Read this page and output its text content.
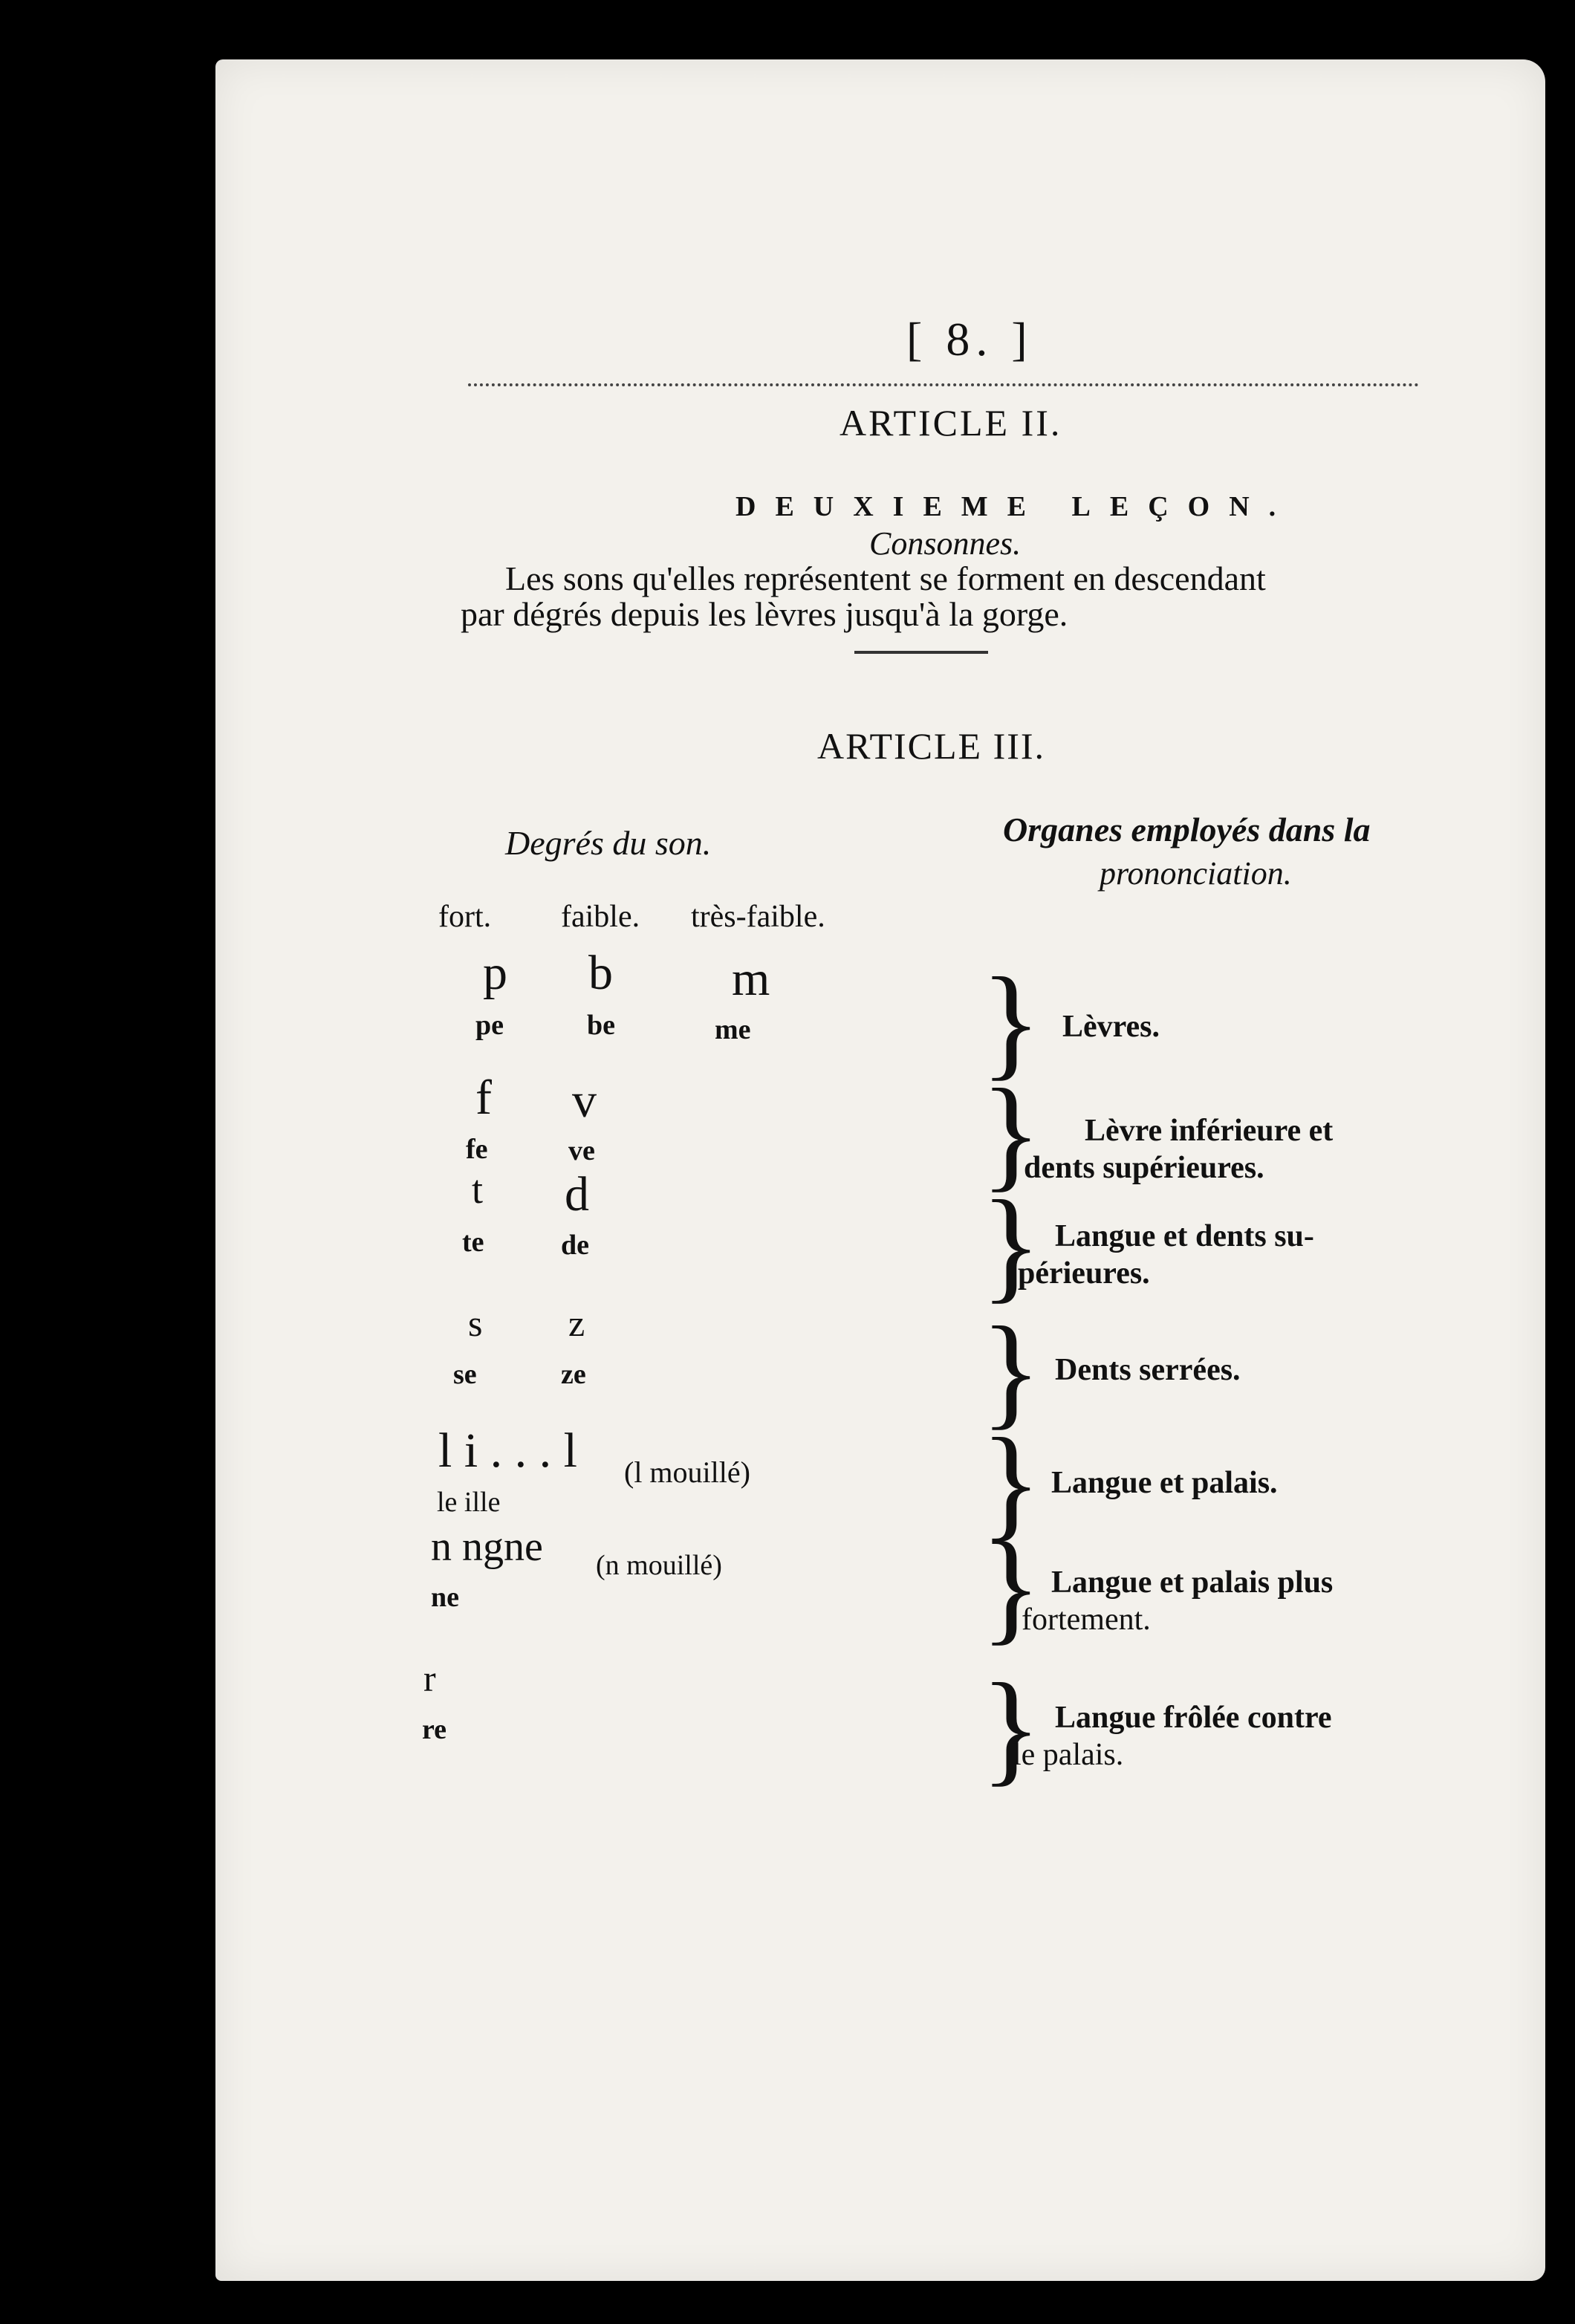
[ 8. ]
ARTICLE II.
DEUXIEME LEÇON.
Consonnes.
Les sons qu'elles représentent se forment en descendant
par dégrés depuis les lèvres jusqu'à la gorge.
ARTICLE III.
Degrés du son.	Organes employés dans la
prononciation.
fort. faible. très-faible.
p b m
pe	be	me } Lèvres.
f v
fe	ve	} Lèvre inférieure et
dents supérieures.
t d
te	de	} Langue et dents su-
périeures.
s z
se	ze	} Dents serrées.
l i . . . l (l mouillé)
le ille	} Langue et palais.
n ngne (n mouillé)
ne	} Langue et palais plus
fortement.
r
re	} Langue frôlée contre
le palais.
